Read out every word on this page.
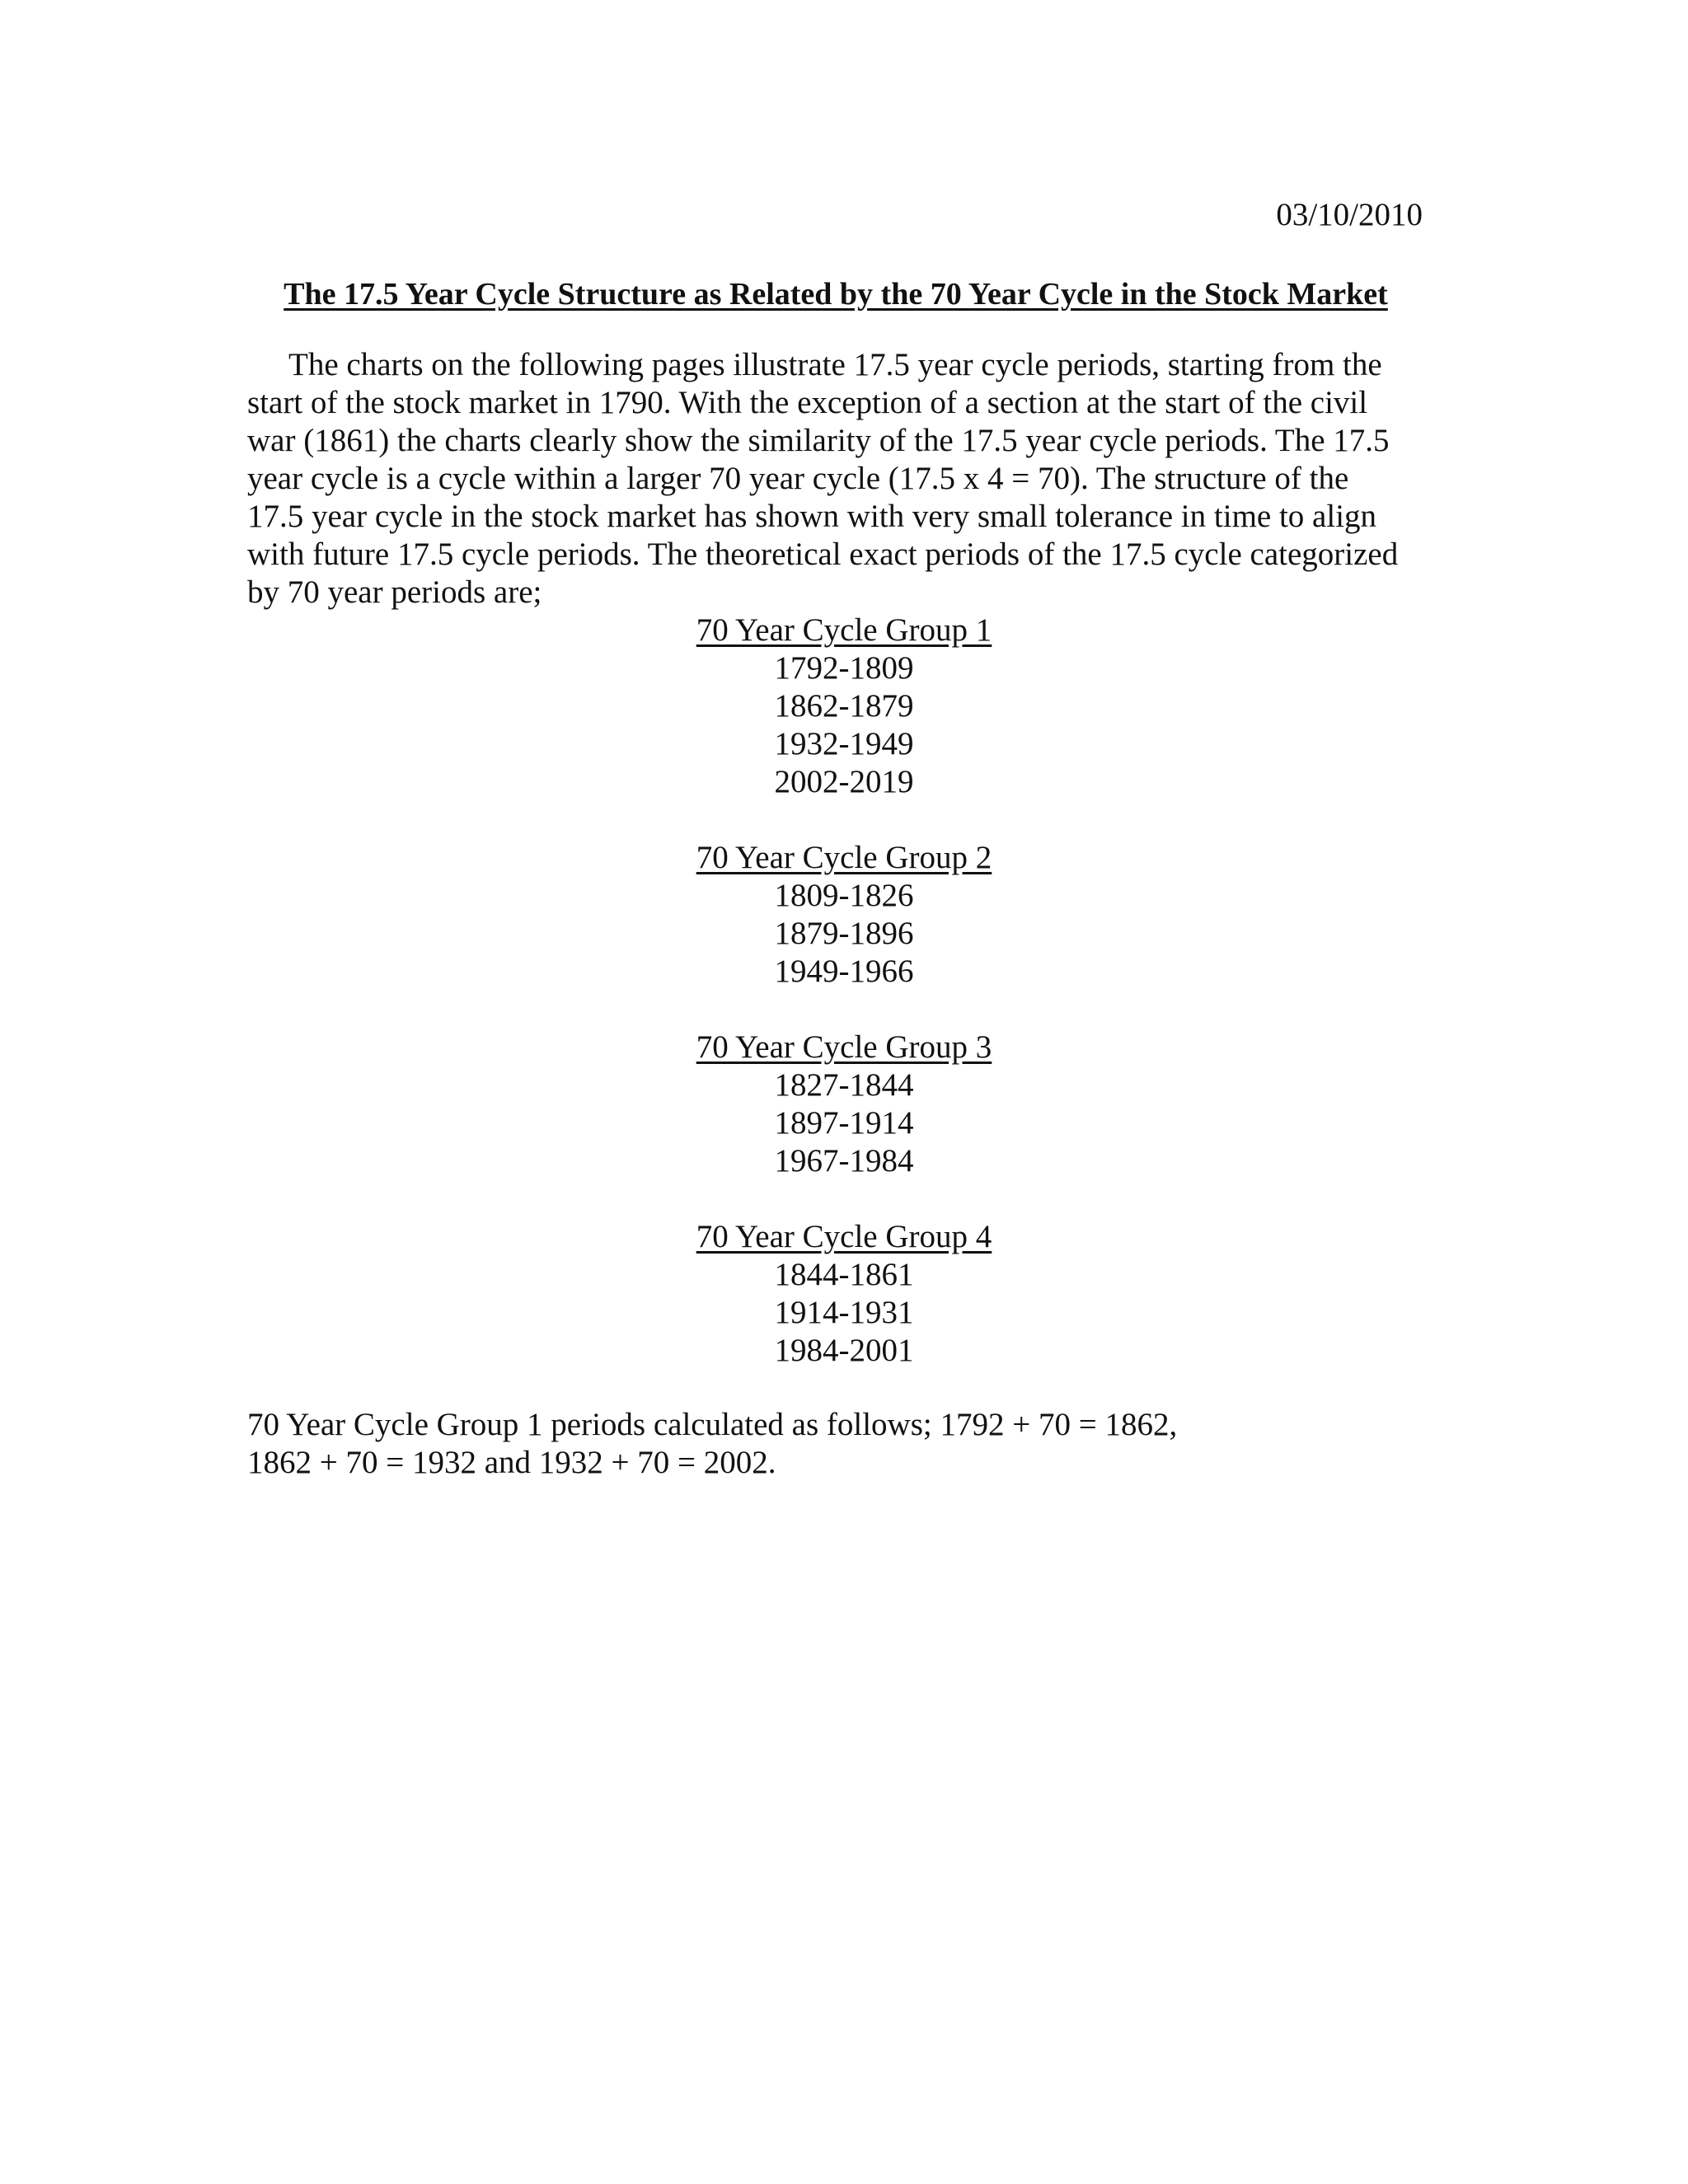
03/10/2010
The 17.5 Year Cycle Structure as Related by the 70 Year Cycle in the Stock Market
The charts on the following pages illustrate 17.5 year cycle periods, starting from the
start of the stock market in 1790. With the exception of a section at the start of the civil
war (1861) the charts clearly show the similarity of the 17.5 year cycle periods. The 17.5
year cycle is a cycle within a larger 70 year cycle (17.5 x 4 = 70). The structure of the
17.5 year cycle in the stock market has shown with very small tolerance in time to align
with future 17.5 cycle periods. The theoretical exact periods of the 17.5 cycle categorized
by 70 year periods are;
70 Year Cycle Group 1
1792-1809
1862-1879
1932-1949
2002-2019
70 Year Cycle Group 2
1809-1826
1879-1896
1949-1966
70 Year Cycle Group 3
1827-1844
1897-1914
1967-1984
70 Year Cycle Group 4
1844-1861
1914-1931
1984-2001
70 Year Cycle Group 1 periods calculated as follows; 1792 + 70 = 1862,
1862 + 70 = 1932 and 1932 + 70 = 2002.
